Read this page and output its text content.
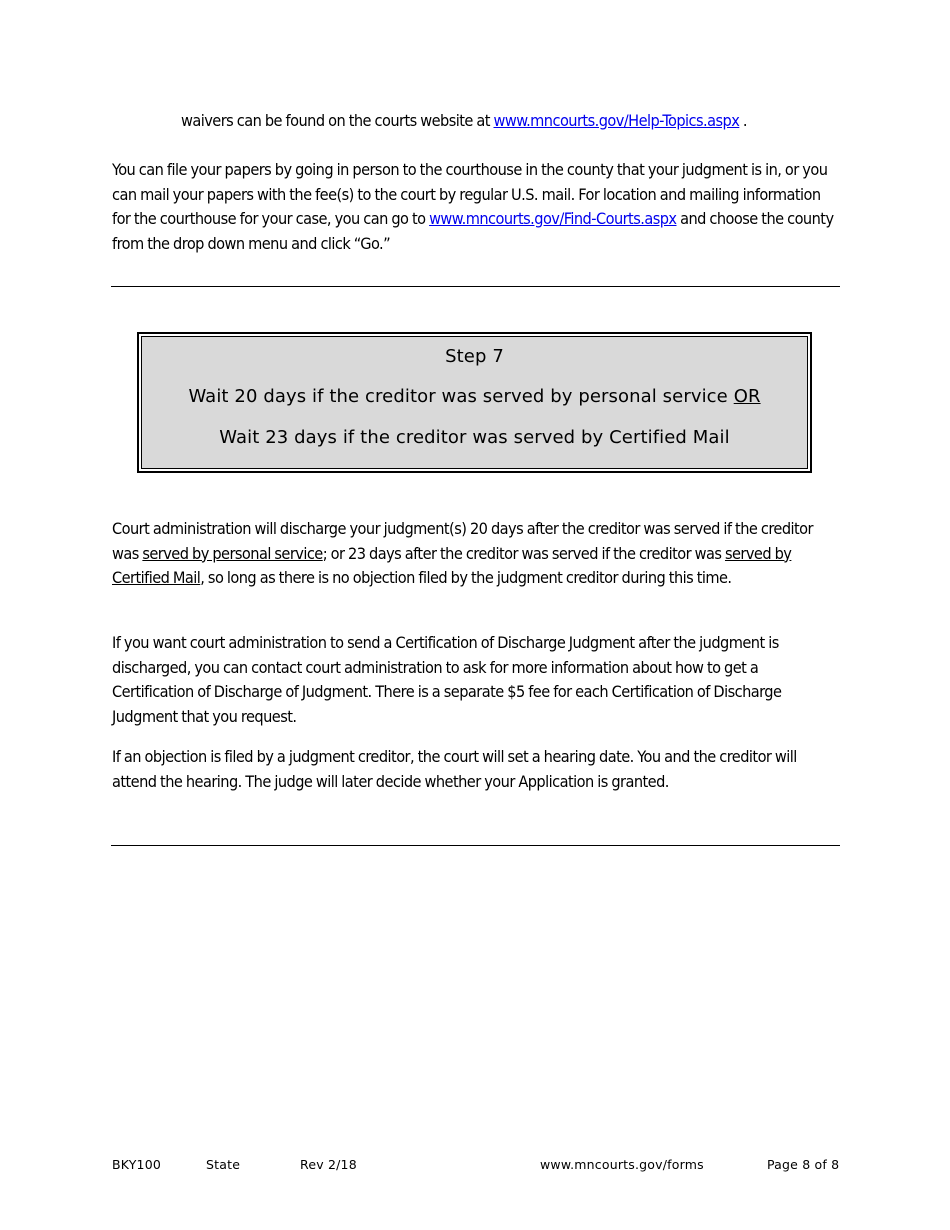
waivers can be found on the courts website at www.mncourts.gov/Help-Topics.aspx .

You can file your papers by going in person to the courthouse in the county that your judgment is in, or you can mail your papers with the fee(s) to the court by regular U.S. mail. For location and mailing information for the courthouse for your case, you can go to www.mncourts.gov/Find-Courts.aspx and choose the county from the drop down menu and click “Go.”

Step 7
Wait 20 days if the creditor was served by personal service OR
Wait 23 days if the creditor was served by Certified Mail

Court administration will discharge your judgment(s) 20 days after the creditor was served if the creditor was served by personal service; or 23 days after the creditor was served if the creditor was served by Certified Mail, so long as there is no objection filed by the judgment creditor during this time.

If you want court administration to send a Certification of Discharge Judgment after the judgment is discharged, you can contact court administration to ask for more information about how to get a Certification of Discharge of Judgment. There is a separate $5 fee for each Certification of Discharge Judgment that you request.

If an objection is filed by a judgment creditor, the court will set a hearing date. You and the creditor will attend the hearing. The judge will later decide whether your Application is granted.

BKY100	State	Rev 2/18	www.mncourts.gov/forms	Page 8 of 8
